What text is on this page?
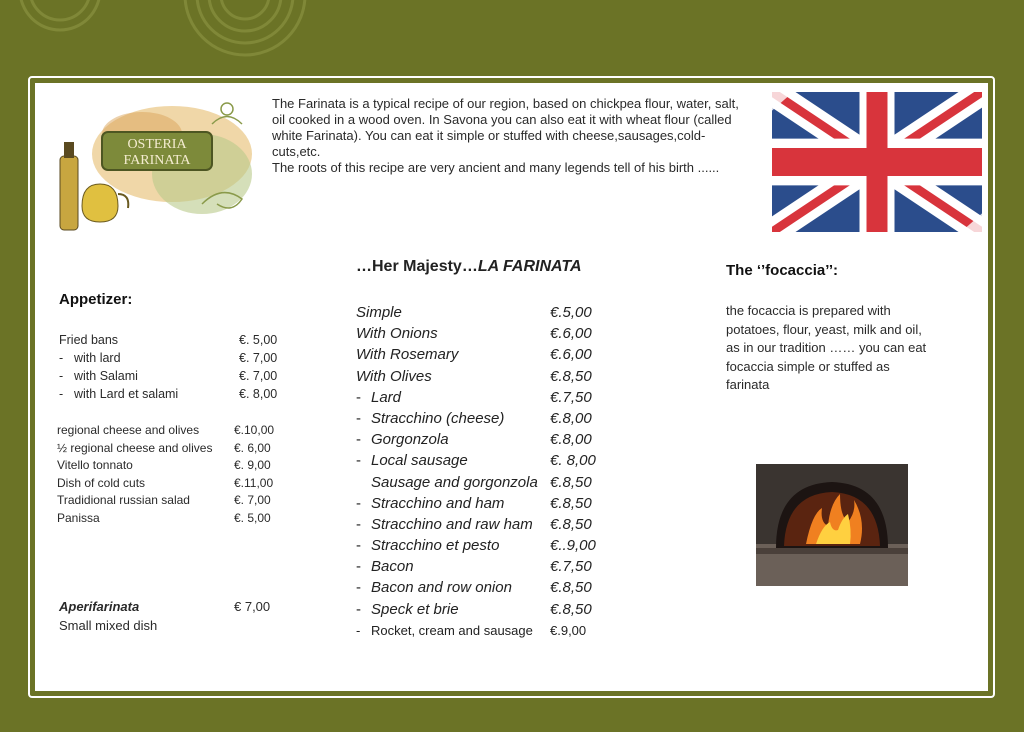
OSTERIA
FARINATA

The Farinata is a typical recipe of our region, based on chickpea flour, water, salt, oil cooked in a wood oven. In Savona you can also eat it with wheat flour (called white Farinata). You can eat it simple or stuffed with cheese,sausages,cold-cuts,etc.

The roots of this recipe are very ancient and many legends tell of his birth ......

Appetizer:
Fried bans	€. 5,00
- with lard	€. 7,00
- with Salami	€. 7,00
- with Lard et salami	€. 8,00
regional cheese and olives	€.10,00
½ regional cheese and olives	€. 6,00
Vitello tonnato	€. 9,00
Dish of cold cuts	€.11,00
Tradidional russian salad	€. 7,00
Panissa	€. 5,00
Aperifarinata	€ 7,00
Small mixed dish
…Her Majesty…LA FARINATA
Simple	€.5,00
With Onions	€.6,00
With Rosemary	€.6,00
With Olives	€.8,50
- Lard	€.7,50
- Stracchino (cheese)	€.8,00
- Gorgonzola	€.8,00
- Local sausage	€. 8,00
Sausage and gorgonzola €.8,50
- Stracchino and ham	€.8,50
- Stracchino and raw ham	€.8,50
- Stracchino et pesto	€..9,00
- Bacon	€.7,50
- Bacon and row onion	€.8,50
- Speck et brie	€.8,50
- Rocket, cream and sausage	€.9,00
The ‘’focaccia’’:
the focaccia is prepared with potatoes, flour, yeast, milk and oil, as in our tradition …… you can eat focaccia simple or stuffed as farinata
